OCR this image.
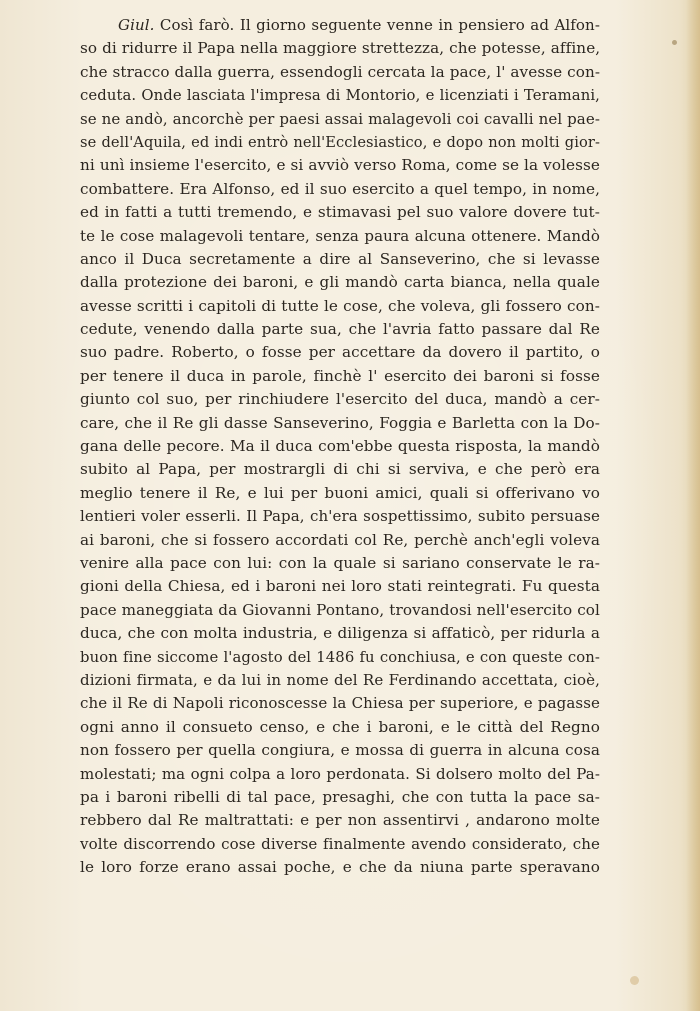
Giul. Così farò. Il giorno seguente venne in pensiero ad Alfon-
so di ridurre il Papa nella maggiore strettezza, che potesse, affine,
che stracco dalla guerra, essendogli cercata la pace, l' avesse con-
ceduta. Onde lasciata l'impresa di Montorio, e licenziati i Teramani,
se ne andò, ancorchè per paesi assai malagevoli coi cavalli nel pae-
se dell'Aquila, ed indi entrò nell'Ecclesiastico, e dopo non molti gior-
ni unì insieme l'esercito, e si avviò verso Roma, come se la volesse
combattere. Era Alfonso, ed il suo esercito a quel tempo, in nome,
ed in fatti a tutti tremendo, e stimavasi pel suo valore dovere tut-
te le cose malagevoli tentare, senza paura alcuna ottenere. Mandò
anco il Duca secretamente a dire al Sanseverino, che si levasse
dalla protezione dei baroni, e gli mandò carta bianca, nella quale
avesse scritti i capitoli di tutte le cose, che voleva, gli fossero con-
cedute, venendo dalla parte sua, che l'avria fatto passare dal Re
suo padre. Roberto, o fosse per accettare da dovero il partito, o
per tenere il duca in parole, finchè l' esercito dei baroni si fosse
giunto col suo, per rinchiudere l'esercito del duca, mandò a cer-
care, che il Re gli dasse Sanseverino, Foggia e Barletta con la Do-
gana delle pecore. Ma il duca com'ebbe questa risposta, la mandò
subito al Papa, per mostrargli di chi si serviva, e che però era
meglio tenere il Re, e lui per buoni amici, quali si offerivano vo
lentieri voler esserli. Il Papa, ch'era sospettissimo, subito persuase
ai baroni, che si fossero accordati col Re, perchè anch'egli voleva
venire alla pace con lui: con la quale si sariano conservate le ra-
gioni della Chiesa, ed i baroni nei loro stati reintegrati. Fu questa
pace maneggiata da Giovanni Pontano, trovandosi nell'esercito col
duca, che con molta industria, e diligenza si affaticò, per ridurla a
buon fine siccome l'agosto del 1486 fu conchiusa, e con queste con-
dizioni firmata, e da lui in nome del Re Ferdinando accettata, cioè,
che il Re di Napoli riconoscesse la Chiesa per superiore, e pagasse
ogni anno il consueto censo, e che i baroni, e le città del Regno
non fossero per quella congiura, e mossa di guerra in alcuna cosa
molestati; ma ogni colpa a loro perdonata. Si dolsero molto del Pa-
pa i baroni ribelli di tal pace, presaghi, che con tutta la pace sa-
rebbero dal Re maltrattati: e per non assentirvi , andarono molte
volte discorrendo cose diverse finalmente avendo considerato, che
le loro forze erano assai poche, e che da niuna parte speravano
